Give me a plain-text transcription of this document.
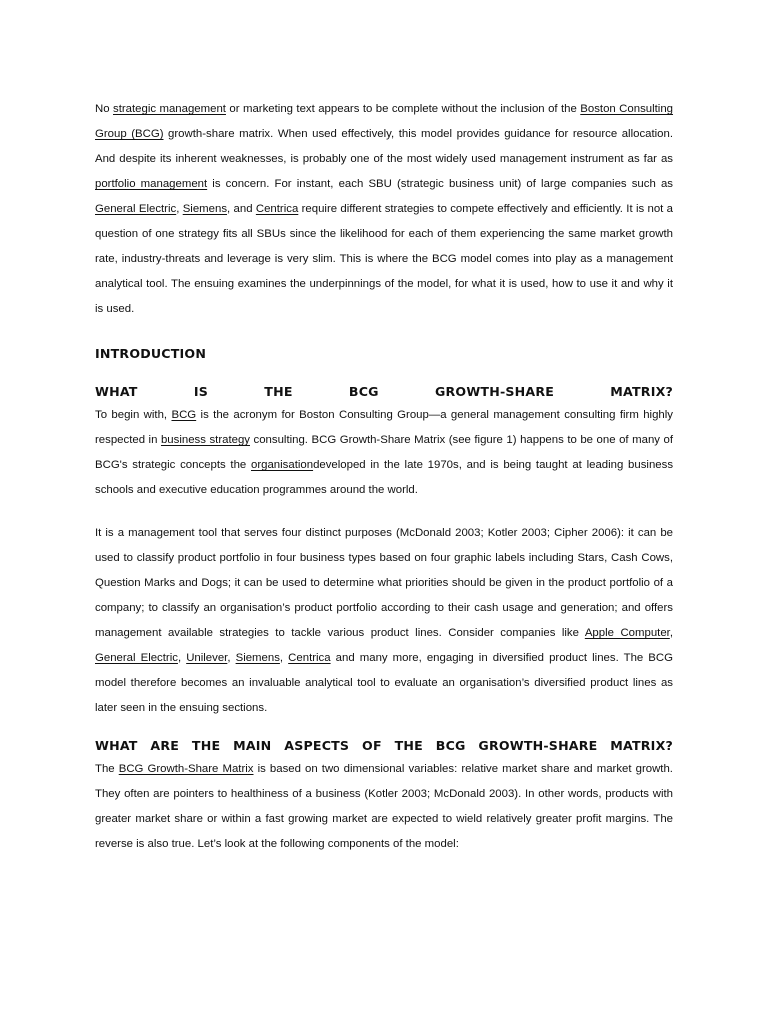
No strategic management or marketing text appears to be complete without the inclusion of the Boston Consulting Group (BCG) growth-share matrix. When used effectively, this model provides guidance for resource allocation. And despite its inherent weaknesses, is probably one of the most widely used management instrument as far as portfolio management is concern. For instant, each SBU (strategic business unit) of large companies such as General Electric, Siemens, and Centrica require different strategies to compete effectively and efficiently. It is not a question of one strategy fits all SBUs since the likelihood for each of them experiencing the same market growth rate, industry-threats and leverage is very slim. This is where the BCG model comes into play as a management analytical tool. The ensuing examines the underpinnings of the model, for what it is used, how to use it and why it is used.

INTRODUCTION
WHAT IS THE BCG GROWTH-SHARE MATRIX?

To begin with, BCG is the acronym for Boston Consulting Group—a general management consulting firm highly respected in business strategy consulting. BCG Growth-Share Matrix (see figure 1) happens to be one of many of BCG's strategic concepts the organisationdeveloped in the late 1970s, and is being taught at leading business schools and executive education programmes around the world.

It is a management tool that serves four distinct purposes (McDonald 2003; Kotler 2003; Cipher 2006): it can be used to classify product portfolio in four business types based on four graphic labels including Stars, Cash Cows, Question Marks and Dogs; it can be used to determine what priorities should be given in the product portfolio of a company; to classify an organisation’s product portfolio according to their cash usage and generation; and offers management available strategies to tackle various product lines. Consider companies like Apple Computer, General Electric, Unilever, Siemens, Centrica and many more, engaging in diversified product lines. The BCG model therefore becomes an invaluable analytical tool to evaluate an organisation’s diversified product lines as later seen in the ensuing sections.

WHAT ARE THE MAIN ASPECTS OF THE BCG GROWTH-SHARE MATRIX?

The BCG Growth-Share Matrix is based on two dimensional variables: relative market share and market growth. They often are pointers to healthiness of a business (Kotler 2003; McDonald 2003). In other words, products with greater market share or within a fast growing market are expected to wield relatively greater profit margins. The reverse is also true. Let’s look at the following components of the model:
